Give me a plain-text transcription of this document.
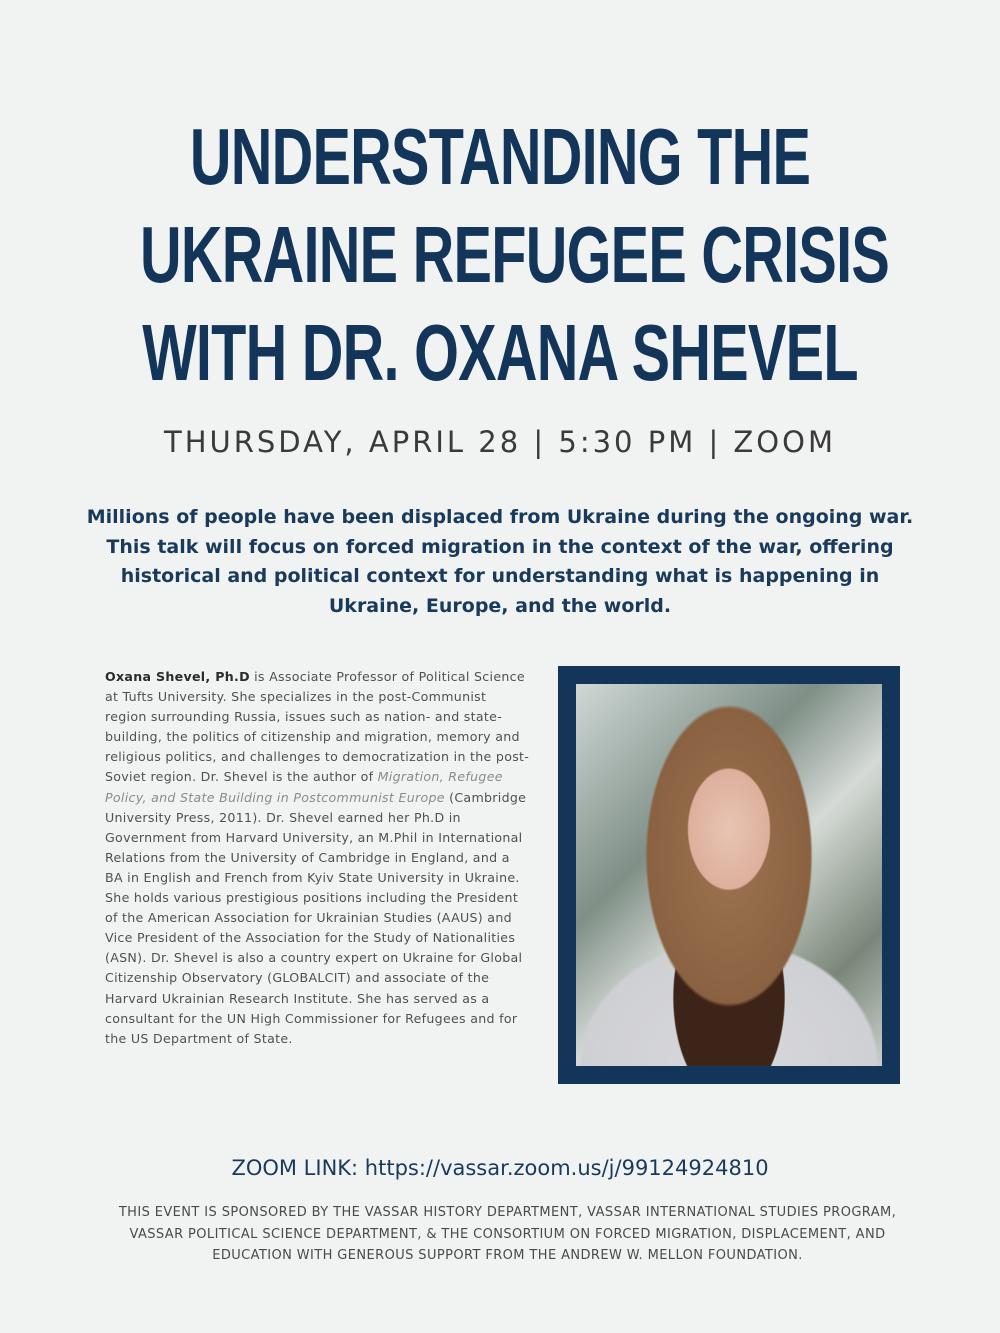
UNDERSTANDING THE
UKRAINE REFUGEE CRISIS
WITH DR. OXANA SHEVEL
THURSDAY, APRIL 28 | 5:30 PM | ZOOM
Millions of people have been displaced from Ukraine during the ongoing war. This talk will focus on forced migration in the context of the war, offering historical and political context for understanding what is happening in Ukraine, Europe, and the world.
Oxana Shevel, Ph.D is Associate Professor of Political Science at Tufts University. She specializes in the post-Communist region surrounding Russia, issues such as nation- and state-building, the politics of citizenship and migration, memory and religious politics, and challenges to democratization in the post-Soviet region. Dr. Shevel is the author of Migration, Refugee Policy, and State Building in Postcommunist Europe (Cambridge University Press, 2011). Dr. Shevel earned her Ph.D in Government from Harvard University, an M.Phil in International Relations from the University of Cambridge in England, and a BA in English and French from Kyiv State University in Ukraine. She holds various prestigious positions including the President of the American Association for Ukrainian Studies (AAUS) and Vice President of the Association for the Study of Nationalities (ASN). Dr. Shevel is also a country expert on Ukraine for Global Citizenship Observatory (GLOBALCIT) and associate of the Harvard Ukrainian Research Institute. She has served as a consultant for the UN High Commissioner for Refugees and for the US Department of State.
ZOOM LINK: https://vassar.zoom.us/j/99124924810
THIS EVENT IS SPONSORED BY THE VASSAR HISTORY DEPARTMENT, VASSAR INTERNATIONAL STUDIES PROGRAM, VASSAR POLITICAL SCIENCE DEPARTMENT, & THE CONSORTIUM ON FORCED MIGRATION, DISPLACEMENT, AND EDUCATION WITH GENEROUS SUPPORT FROM THE ANDREW W. MELLON FOUNDATION.
